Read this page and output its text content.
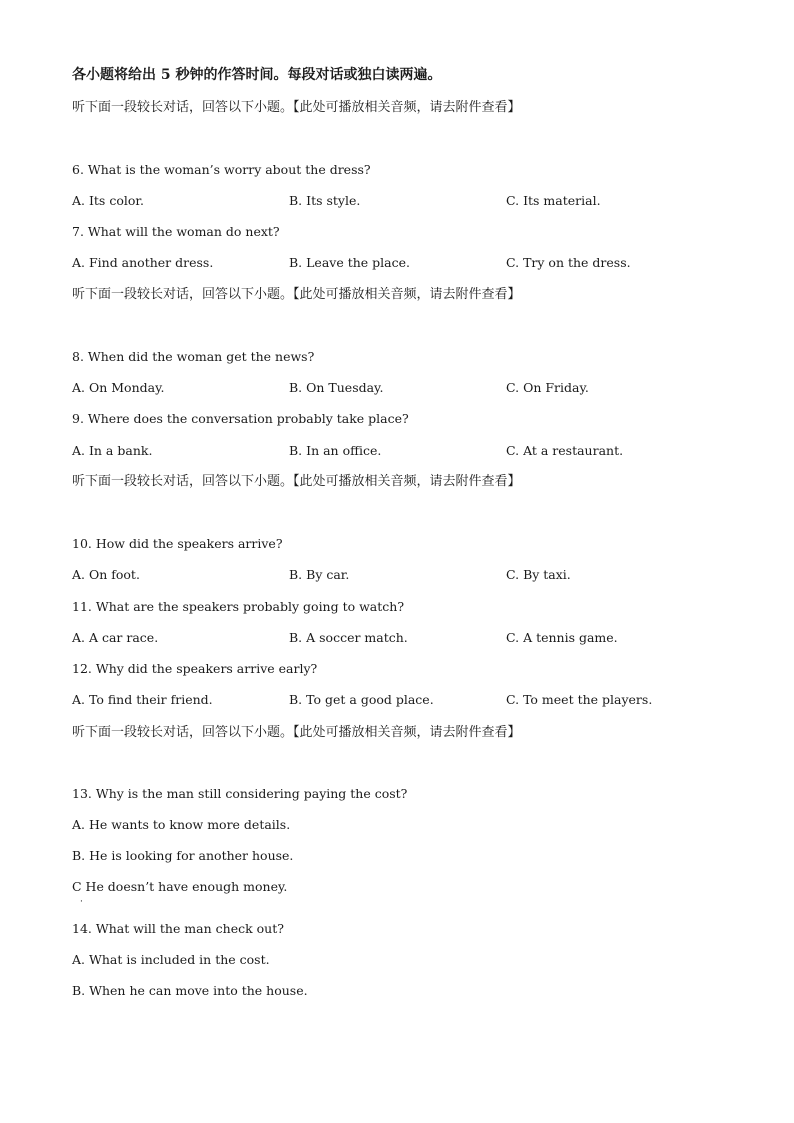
各小题将给出 5 秒钟的作答时间。每段对话或独白读两遍。
听下面一段较长对话，回答以下小题。【此处可播放相关音频，请去附件查看】
6. What is the woman’s worry about the dress?
A. Its color.	B. Its style.	C. Its material.
7. What will the woman do next?
A. Find another dress.	B. Leave the place.	C. Try on the dress.
听下面一段较长对话，回答以下小题。【此处可播放相关音频，请去附件查看】
8. When did the woman get the news?
A. On Monday.	B. On Tuesday.	C. On Friday.
9. Where does the conversation probably take place?
A. In a bank.	B. In an office.	C. At a restaurant.
听下面一段较长对话，回答以下小题。【此处可播放相关音频，请去附件查看】
10. How did the speakers arrive?
A. On foot.	B. By car.	C. By taxi.
11. What are the speakers probably going to watch?
A. A car race.	B. A soccer match.	C. A tennis game.
12. Why did the speakers arrive early?
A. To find their friend.	B. To get a good place.	C. To meet the players.
听下面一段较长对话，回答以下小题。【此处可播放相关音频，请去附件查看】
13. Why is the man still considering paying the cost?
A. He wants to know more details.
B. He is looking for another house.
C He doesn’t have enough money.
·
14. What will the man check out?
A. What is included in the cost.
B. When he can move into the house.
